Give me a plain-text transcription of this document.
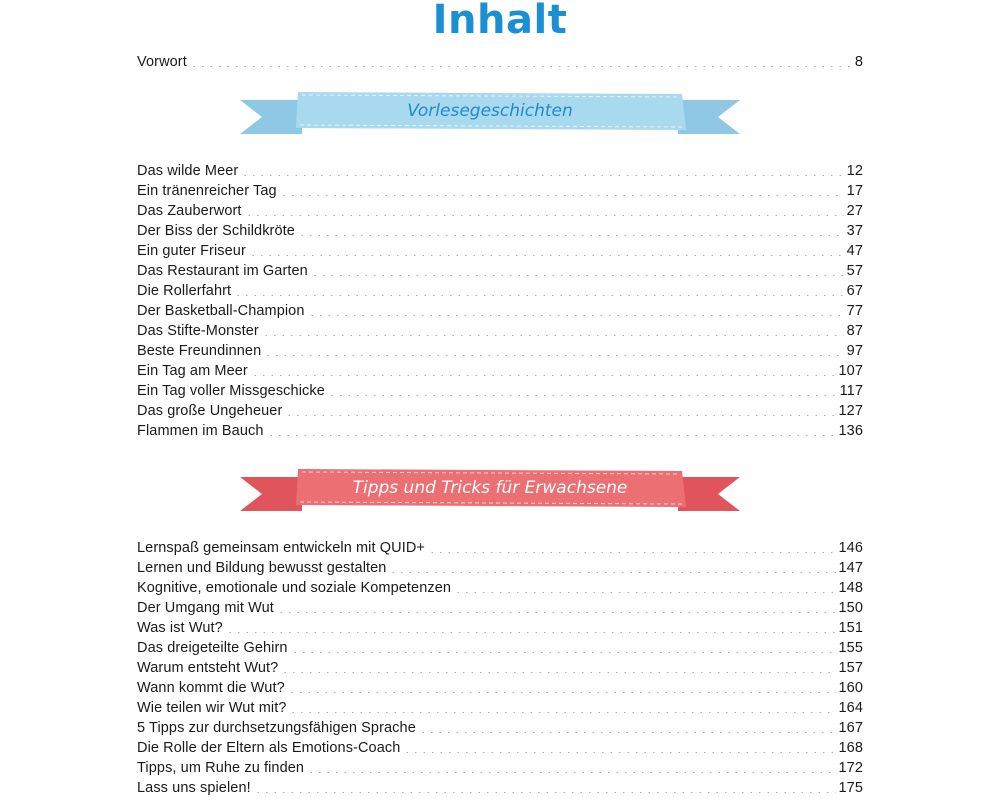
Inhalt
Vorwort	8
Vorlesegeschichten
Das wilde Meer	12
Ein tränenreicher Tag	17
Das Zauberwort	27
Der Biss der Schildkröte	37
Ein guter Friseur	47
Das Restaurant im Garten	57
Die Rollerfahrt	67
Der Basketball-Champion	77
Das Stifte-Monster	87
Beste Freundinnen	97
Ein Tag am Meer	107
Ein Tag voller Missgeschicke	117
Das große Ungeheuer	127
Flammen im Bauch	136
Tipps und Tricks für Erwachsene
Lernspaß gemeinsam entwickeln mit QUID+	146
Lernen und Bildung bewusst gestalten	147
Kognitive, emotionale und soziale Kompetenzen	148
Der Umgang mit Wut	150
Was ist Wut?	151
Das dreigeteilte Gehirn	155
Warum entsteht Wut?	157
Wann kommt die Wut?	160
Wie teilen wir Wut mit?	164
5 Tipps zur durchsetzungsfähigen Sprache	167
Die Rolle der Eltern als Emotions-Coach	168
Tipps, um Ruhe zu finden	172
Lass uns spielen!	175
